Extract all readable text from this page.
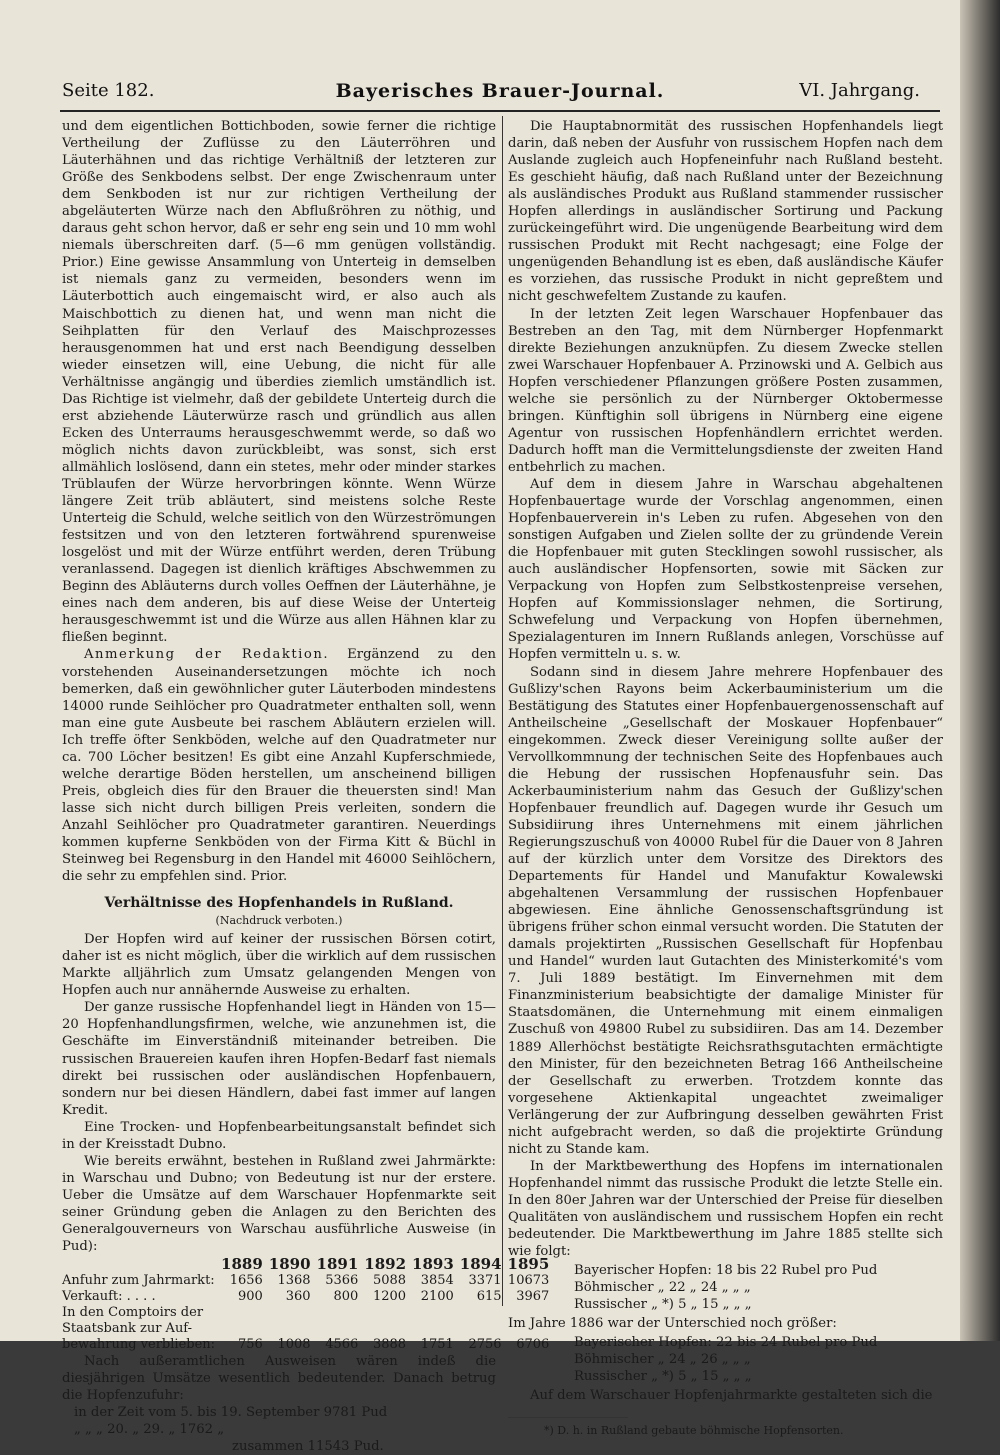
Seite 182.	Bayerisches Brauer-Journal.	VI. Jahrgang.

und dem eigentlichen Bottichboden, sowie ferner die richtige Vertheilung der Zuflüsse zu den Läuterröhren und Läuterhähnen und das richtige Verhältniß der letzteren zur Größe des Senkbodens selbst. Der enge Zwischenraum unter dem Senkboden ist nur zur richtigen Vertheilung der abgeläuterten Würze nach den Abflußröhren zu nöthig, und daraus geht schon hervor, daß er sehr eng sein und 10 mm wohl niemals überschreiten darf. (5—6 mm genügen vollständig. Prior.) Eine gewisse Ansammlung von Unterteig in demselben ist niemals ganz zu vermeiden, besonders wenn im Läuterbottich auch eingemaischt wird, er also auch als Maischbottich zu dienen hat, und wenn man nicht die Seihplatten für den Verlauf des Maischprozesses herausgenommen hat und erst nach Beendigung desselben wieder einsetzen will, eine Uebung, die nicht für alle Verhältnisse angängig und überdies ziemlich umständlich ist. Das Richtige ist vielmehr, daß der gebildete Unterteig durch die erst abziehende Läuterwürze rasch und gründlich aus allen Ecken des Unterraums herausgeschwemmt werde, so daß wo möglich nichts davon zurückbleibt, was sonst, sich erst allmählich loslösend, dann ein stetes, mehr oder minder starkes Trüblaufen der Würze hervorbringen könnte. Wenn Würze längere Zeit trüb abläutert, sind meistens solche Reste Unterteig die Schuld, welche seitlich von den Würzeströmungen festsitzen und von den letzteren fortwährend spurenweise losgelöst und mit der Würze entführt werden, deren Trübung veranlassend. Dagegen ist dienlich kräftiges Abschwemmen zu Beginn des Abläuterns durch volles Oeffnen der Läuterhähne, je eines nach dem anderen, bis auf diese Weise der Unterteig herausgeschwemmt ist und die Würze aus allen Hähnen klar zu fließen beginnt.

Anmerkung der Redaktion. Ergänzend zu den vorstehenden Auseinandersetzungen möchte ich noch bemerken, daß ein gewöhnlicher guter Läuterboden mindestens 14000 runde Seihlöcher pro Quadratmeter enthalten soll, wenn man eine gute Ausbeute bei raschem Abläutern erzielen will. Ich treffe öfter Senkböden, welche auf den Quadratmeter nur ca. 700 Löcher besitzen! Es gibt eine Anzahl Kupferschmiede, welche derartige Böden herstellen, um anscheinend billigen Preis, obgleich dies für den Brauer die theuersten sind! Man lasse sich nicht durch billigen Preis verleiten, sondern die Anzahl Seihlöcher pro Quadratmeter garantiren. Neuerdings kommen kupferne Senkböden von der Firma Kitt & Büchl in Steinweg bei Regensburg in den Handel mit 46000 Seihlöchern, die sehr zu empfehlen sind. Prior.

Verhältnisse des Hopfenhandels in Rußland.
(Nachdruck verboten.)

Der Hopfen wird auf keiner der russischen Börsen cotirt, daher ist es nicht möglich, über die wirklich auf dem russischen Markte alljährlich zum Umsatz gelangenden Mengen von Hopfen auch nur annähernde Ausweise zu erhalten.

Der ganze russische Hopfenhandel liegt in Händen von 15—20 Hopfenhandlungsfirmen, welche, wie anzunehmen ist, die Geschäfte im Einverständniß miteinander betreiben. Die russischen Brauereien kaufen ihren Hopfen-Bedarf fast niemals direkt bei russischen oder ausländischen Hopfenbauern, sondern nur bei diesen Händlern, dabei fast immer auf langen Kredit.

Eine Trocken- und Hopfenbearbeitungsanstalt befindet sich in der Kreisstadt Dubno.

Wie bereits erwähnt, bestehen in Rußland zwei Jahrmärkte: in Warschau und Dubno; von Bedeutung ist nur der erstere. Ueber die Umsätze auf dem Warschauer Hopfenmarkte seit seiner Gründung geben die Anlagen zu den Berichten des Generalgouverneurs von Warschau ausführliche Ausweise (in Pud):

	1889	1890	1891	1892	1893	1894	1895
Anfuhr zum Jahrmarkt:	1656	1368	5366	5088	3854	3371	10673
Verkauft: . . . .	900	360	800	1200	2100	615	3967
In den Comptoirs der							
Staatsbank zur Auf-							
bewahrung verblieben:	756	1008	4566	3888	1751	2756	6706

Nach außeramtlichen Ausweisen wären indeß die diesjährigen Umsätze wesentlich bedeutender. Danach betrug die Hopfenzufuhr:

in der Zeit vom 5. bis 19. September 9781 Pud

„ „ „ 20. „ 29. „ 1762 „

zusammen 11543 Pud.

Die Hauptabnormität des russischen Hopfenhandels liegt darin, daß neben der Ausfuhr von russischem Hopfen nach dem Auslande zugleich auch Hopfeneinfuhr nach Rußland besteht. Es geschieht häufig, daß nach Rußland unter der Bezeichnung als ausländisches Produkt aus Rußland stammender russischer Hopfen allerdings in ausländischer Sortirung und Packung zurückeingeführt wird. Die ungenügende Bearbeitung wird dem russischen Produkt mit Recht nachgesagt; eine Folge der ungenügenden Behandlung ist es eben, daß ausländische Käufer es vorziehen, das russische Produkt in nicht gepreßtem und nicht geschwefeltem Zustande zu kaufen.

In der letzten Zeit legen Warschauer Hopfenbauer das Bestreben an den Tag, mit dem Nürnberger Hopfenmarkt direkte Beziehungen anzuknüpfen. Zu diesem Zwecke stellen zwei Warschauer Hopfenbauer A. Przinowski und A. Gelbich aus Hopfen verschiedener Pflanzungen größere Posten zusammen, welche sie persönlich zu der Nürnberger Oktobermesse bringen. Künftighin soll übrigens in Nürnberg eine eigene Agentur von russischen Hopfenhändlern errichtet werden. Dadurch hofft man die Vermittelungsdienste der zweiten Hand entbehrlich zu machen.

Auf dem in diesem Jahre in Warschau abgehaltenen Hopfenbauertage wurde der Vorschlag angenommen, einen Hopfenbauerverein in's Leben zu rufen. Abgesehen von den sonstigen Aufgaben und Zielen sollte der zu gründende Verein die Hopfenbauer mit guten Stecklingen sowohl russischer, als auch ausländischer Hopfensorten, sowie mit Säcken zur Verpackung von Hopfen zum Selbstkostenpreise versehen, Hopfen auf Kommissionslager nehmen, die Sortirung, Schwefelung und Verpackung von Hopfen übernehmen, Spezialagenturen im Innern Rußlands anlegen, Vorschüsse auf Hopfen vermitteln u. s. w.

Sodann sind in diesem Jahre mehrere Hopfenbauer des Gußlizy'schen Rayons beim Ackerbauministerium um die Bestätigung des Statutes einer Hopfenbauergenossenschaft auf Antheilscheine „Gesellschaft der Moskauer Hopfenbauer“ eingekommen. Zweck dieser Vereinigung sollte außer der Vervollkommnung der technischen Seite des Hopfenbaues auch die Hebung der russischen Hopfenausfuhr sein. Das Ackerbauministerium nahm das Gesuch der Gußlizy'schen Hopfenbauer freundlich auf. Dagegen wurde ihr Gesuch um Subsidiirung ihres Unternehmens mit einem jährlichen Regierungszuschuß von 40000 Rubel für die Dauer von 8 Jahren auf der kürzlich unter dem Vorsitze des Direktors des Departements für Handel und Manufaktur Kowalewski abgehaltenen Versammlung der russischen Hopfenbauer abgewiesen. Eine ähnliche Genossenschaftsgründung ist übrigens früher schon einmal versucht worden. Die Statuten der damals projektirten „Russischen Gesellschaft für Hopfenbau und Handel“ wurden laut Gutachten des Ministerkomité's vom 7. Juli 1889 bestätigt. Im Einvernehmen mit dem Finanzministerium beabsichtigte der damalige Minister für Staatsdomänen, die Unternehmung mit einem einmaligen Zuschuß von 49800 Rubel zu subsidiiren. Das am 14. Dezember 1889 Allerhöchst bestätigte Reichsrathsgutachten ermächtigte den Minister, für den bezeichneten Betrag 166 Antheilscheine der Gesellschaft zu erwerben. Trotzdem konnte das vorgesehene Aktienkapital ungeachtet zweimaliger Verlängerung der zur Aufbringung desselben gewährten Frist nicht aufgebracht werden, so daß die projektirte Gründung nicht zu Stande kam.

In der Marktbewerthung des Hopfens im internationalen Hopfenhandel nimmt das russische Produkt die letzte Stelle ein. In den 80er Jahren war der Unterschied der Preise für dieselben Qualitäten von ausländischem und russischem Hopfen ein recht bedeutender. Die Marktbewerthung im Jahre 1885 stellte sich wie folgt:

Bayerischer Hopfen: 18 bis 22 Rubel pro Pud
Böhmischer „ 22 „ 24 „ „ „
Russischer „ *) 5 „ 15 „ „ „

Im Jahre 1886 war der Unterschied noch größer:

Bayerischer Hopfen: 22 bis 24 Rubel pro Pud
Böhmischer „ 24 „ 26 „ „ „
Russischer „ *) 5 „ 15 „ „ „

Auf dem Warschauer Hopfenjahrmarkte gestalteten sich die

*) D. h. in Rußland gebaute böhmische Hopfensorten.
